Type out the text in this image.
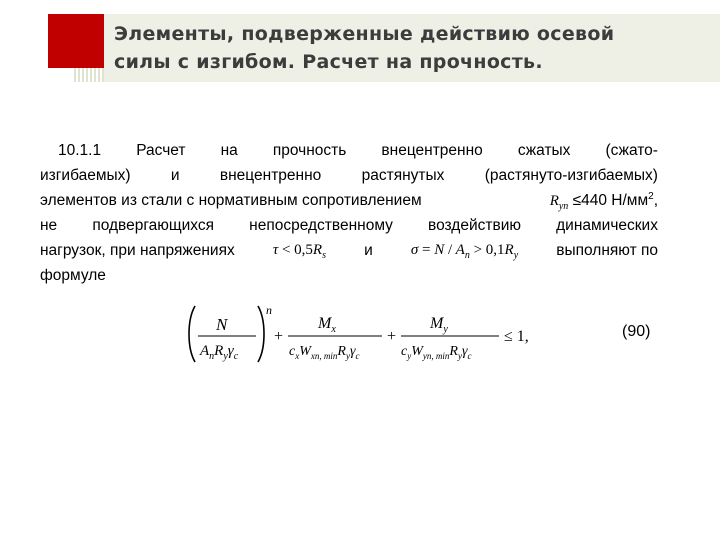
Элементы, подверженные действию осевой
силы с изгибом. Расчет на прочность.
10.1.1 Расчет на прочность внецентренно сжатых (сжато-
изгибаемых)	и	внецентренно	растянутых	(растянуто-изгибаемых)
элементов из стали с нормативным сопротивлением	$R_{yn} \le 440$ $Н/мм^2$,
не подвергающихся непосредственному воздействию динамических
нагрузок, при напряжениях	$\tau < 0,5R_s$ и	$\sigma = N / A_n > 0,1R_y$ выполняют по
формуле
N
$A_nR_y\gamma_c$
n
+
$M_x$
$c_xW_{xn, min}R_y\gamma_c$
+
$M_y$
$c_yW_{yn, min}R_y\gamma_c$
≤ 1,	(90)
